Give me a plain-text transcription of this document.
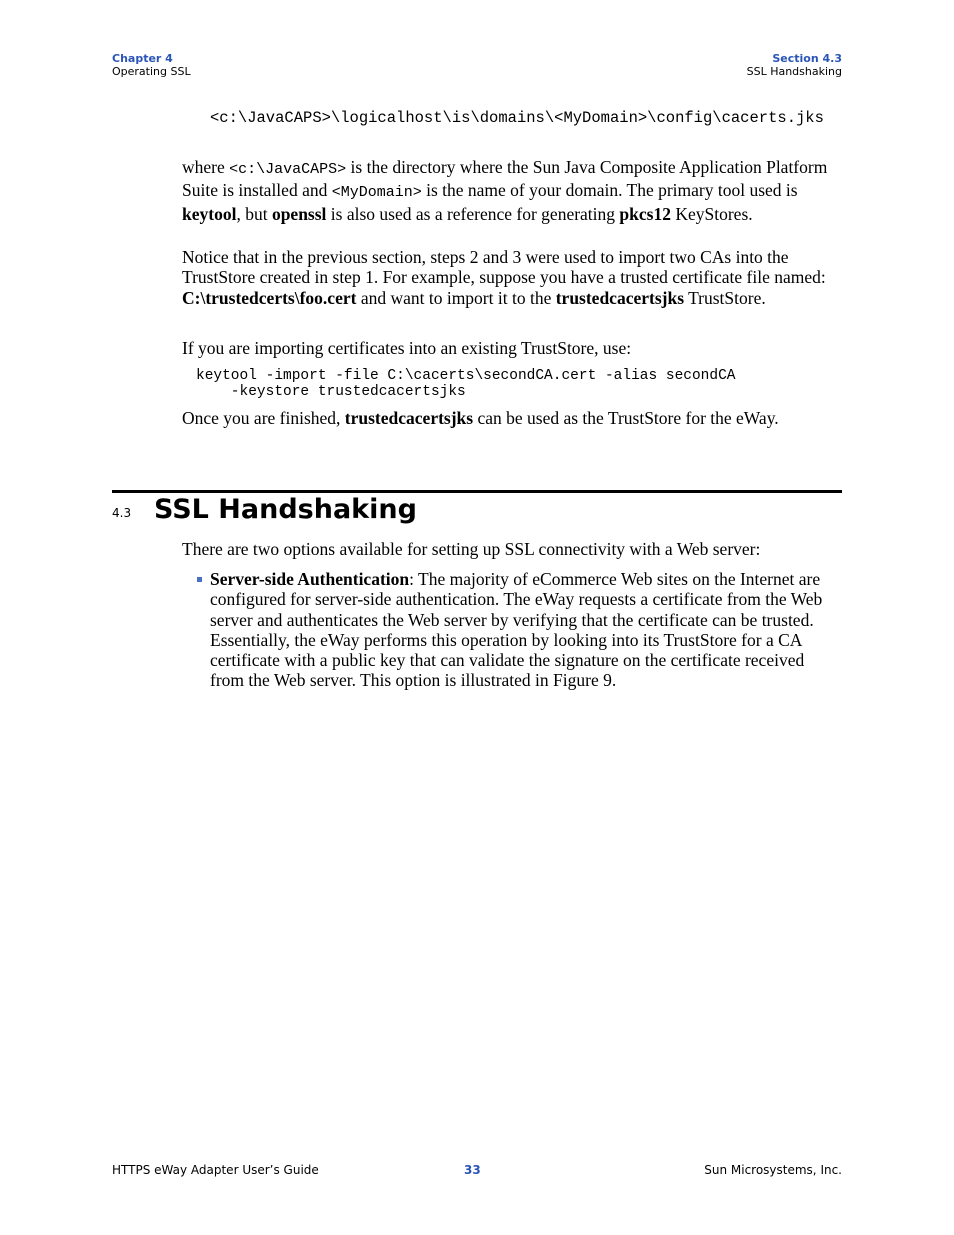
Chapter 4
Operating SSL
Section 4.3
SSL Handshaking
<c:\JavaCAPS>\logicalhost\is\domains\<MyDomain>\config\cacerts.jks
where <c:\JavaCAPS> is the directory where the Sun Java Composite Application Platform Suite is installed and <MyDomain> is the name of your domain. The primary tool used is keytool, but openssl is also used as a reference for generating pkcs12 KeyStores.
Notice that in the previous section, steps 2 and 3 were used to import two CAs into the TrustStore created in step 1. For example, suppose you have a trusted certificate file named: C:\trustedcerts\foo.cert and want to import it to the trustedcacertsjks TrustStore.
If you are importing certificates into an existing TrustStore, use:
keytool -import -file C:\cacerts\secondCA.cert -alias secondCA
-keystore trustedcacertsjks
Once you are finished, trustedcacertsjks can be used as the TrustStore for the eWay.
4.3 SSL Handshaking
There are two options available for setting up SSL connectivity with a Web server:
Server-side Authentication: The majority of eCommerce Web sites on the Internet are configured for server-side authentication. The eWay requests a certificate from the Web server and authenticates the Web server by verifying that the certificate can be trusted. Essentially, the eWay performs this operation by looking into its TrustStore for a CA certificate with a public key that can validate the signature on the certificate received from the Web server. This option is illustrated in Figure 9.
HTTPS eWay Adapter User’s Guide	33	Sun Microsystems, Inc.
